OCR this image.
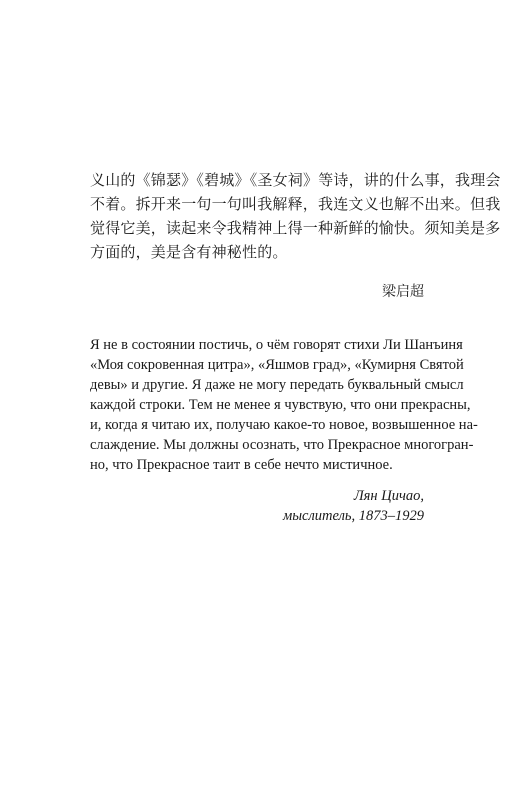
义山的《锦瑟》《碧城》《圣女祠》等诗，讲的什么事，我理会
不着。拆开来一句一句叫我解释，我连文义也解不出来。但我
觉得它美，读起来令我精神上得一种新鲜的愉快。须知美是多
方面的，美是含有神秘性的。
梁启超
Я не в состоянии постичь, о чём говорят стихи Ли Шанъиня
«Моя сокровенная цитра», «Яшмов град», «Кумирня Святой
девы» и другие. Я даже не могу передать буквальный смысл
каждой строки. Тем не менее я чувствую, что они прекрасны,
и, когда я читаю их, получаю какое-то новое, возвышенное на-
слаждение. Мы должны осознать, что Прекрасное многогран-
но, что Прекрасное таит в себе нечто мистичное.
Лян Цичао,
мыслитель, 1873–1929
